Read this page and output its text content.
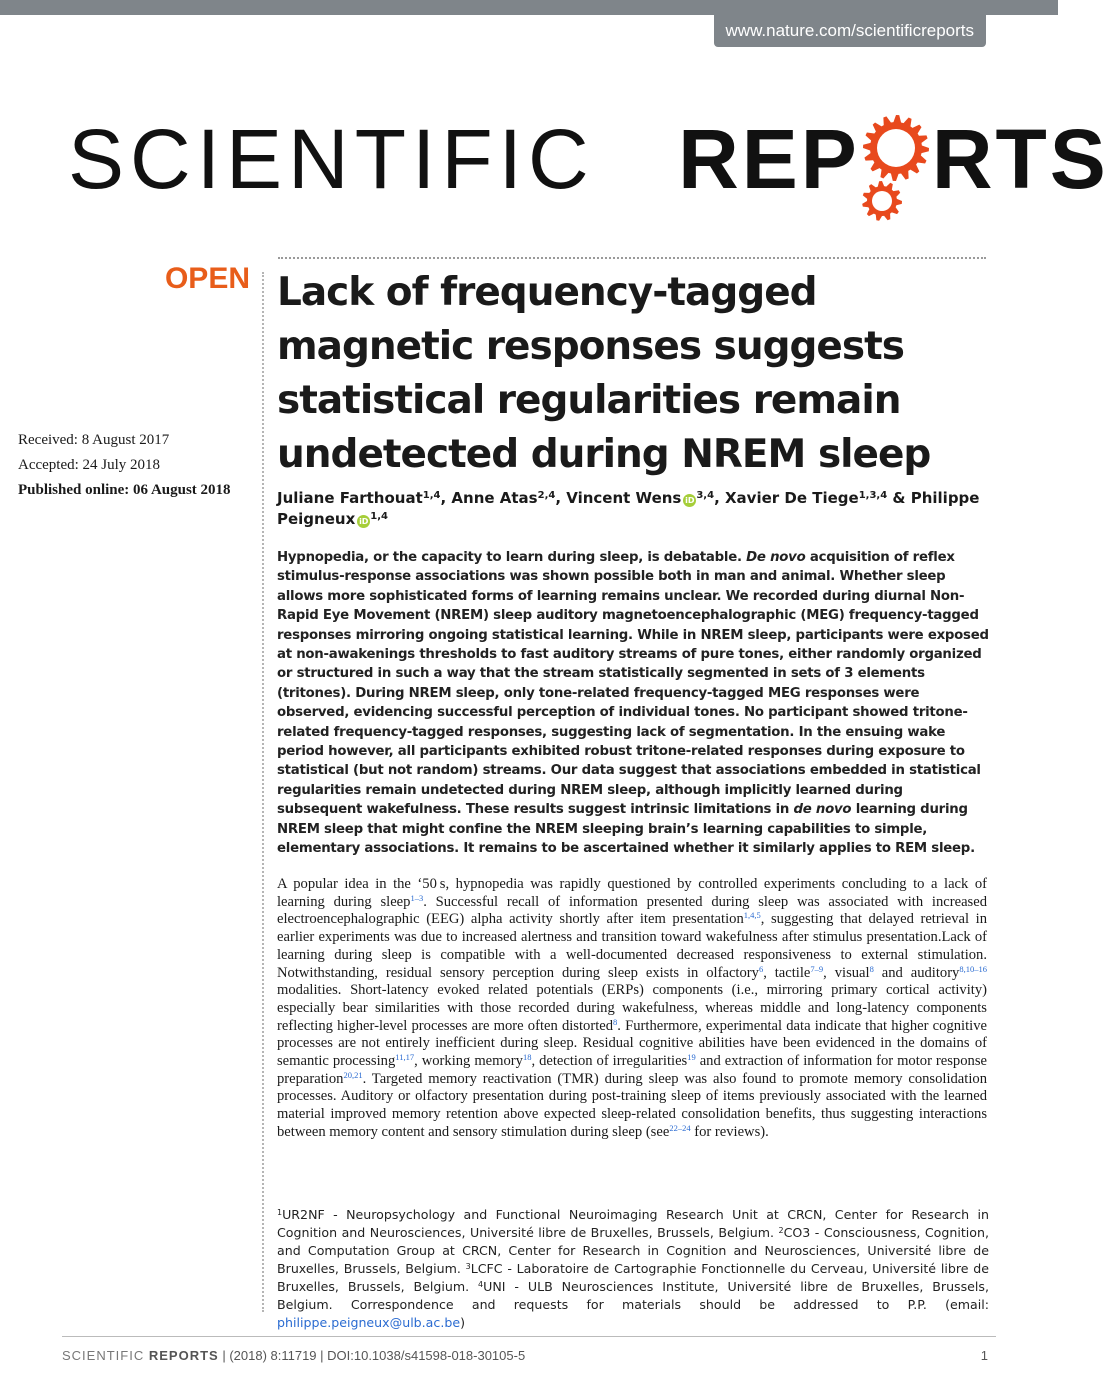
www.nature.com/scientificreports
SCIENTIFIC REP RTS
OPEN
Received: 8 August 2017
Accepted: 24 July 2018
Published online: 06 August 2018
Lack of frequency-tagged magnetic responses suggests statistical regularities remain undetected during NREM sleep
Juliane Farthouat$^{1,4}$, Anne Atas$^{2,4}$, Vincent Wens iD $^{3,4}$, Xavier De Tiege$^{1,3,4}$ & Philippe Peigneux iD $^{1,4}$
Hypnopedia, or the capacity to learn during sleep, is debatable. De novo acquisition of reflex stimulus-response associations was shown possible both in man and animal. Whether sleep allows more sophisticated forms of learning remains unclear. We recorded during diurnal Non-Rapid Eye Movement (NREM) sleep auditory magnetoencephalographic (MEG) frequency-tagged responses mirroring ongoing statistical learning. While in NREM sleep, participants were exposed at non-awakenings thresholds to fast auditory streams of pure tones, either randomly organized or structured in such a way that the stream statistically segmented in sets of 3 elements (tritones). During NREM sleep, only tone-related frequency-tagged MEG responses were observed, evidencing successful perception of individual tones. No participant showed tritone-related frequency-tagged responses, suggesting lack of segmentation. In the ensuing wake period however, all participants exhibited robust tritone-related responses during exposure to statistical (but not random) streams. Our data suggest that associations embedded in statistical regularities remain undetected during NREM sleep, although implicitly learned during subsequent wakefulness. These results suggest intrinsic limitations in de novo learning during NREM sleep that might confine the NREM sleeping brain’s learning capabilities to simple, elementary associations. It remains to be ascertained whether it similarly applies to REM sleep.
A popular idea in the ‘50 s, hypnopedia was rapidly questioned by controlled experiments concluding to a lack of learning during sleep$^{1-3}$. Successful recall of information presented during sleep was associated with increased electroencephalographic (EEG) alpha activity shortly after item presentation$^{1,4,5}$, suggesting that delayed retrieval in earlier experiments was due to increased alertness and transition toward wakefulness after stimulus presentation.Lack of learning during sleep is compatible with a well-documented decreased responsiveness to external stimulation. Notwithstanding, residual sensory perception during sleep exists in olfactory$^6$, tactile$^{7-9}$, visual$^8$ and auditory$^{8,10-16}$ modalities. Short-latency evoked related potentials (ERPs) components (i.e., mirroring primary cortical activity) especially bear similarities with those recorded during wakefulness, whereas middle and long-latency components reflecting higher-level processes are more often distorted$^8$. Furthermore, experimental data indicate that higher cognitive processes are not entirely inefficient during sleep. Residual cognitive abilities have been evidenced in the domains of semantic processing$^{11,17}$, working memory$^{18}$, detection of irregularities$^{19}$ and extraction of information for motor response preparation$^{20,21}$. Targeted memory reactivation (TMR) during sleep was also found to promote memory consolidation processes. Auditory or olfactory presentation during post-training sleep of items previously associated with the learned material improved memory retention above expected sleep-related consolidation benefits, thus suggesting interactions between memory content and sensory stimulation during sleep (see$^{22-24}$ for reviews).
$^1$UR2NF - Neuropsychology and Functional Neuroimaging Research Unit at CRCN, Center for Research in Cognition and Neurosciences, Université libre de Bruxelles, Brussels, Belgium. $^2$CO3 - Consciousness, Cognition, and Computation Group at CRCN, Center for Research in Cognition and Neurosciences, Université libre de Bruxelles, Brussels, Belgium. $^3$LCFC - Laboratoire de Cartographie Fonctionnelle du Cerveau, Université libre de Bruxelles, Brussels, Belgium. $^4$UNI - ULB Neurosciences Institute, Université libre de Bruxelles, Brussels, Belgium. Correspondence and requests for materials should be addressed to P.P. (email: philippe.peigneux@ulb.ac.be)
SCIENTIFIC REPORTS | (2018) 8:11719 | DOI:10.1038/s41598-018-30105-5	1
